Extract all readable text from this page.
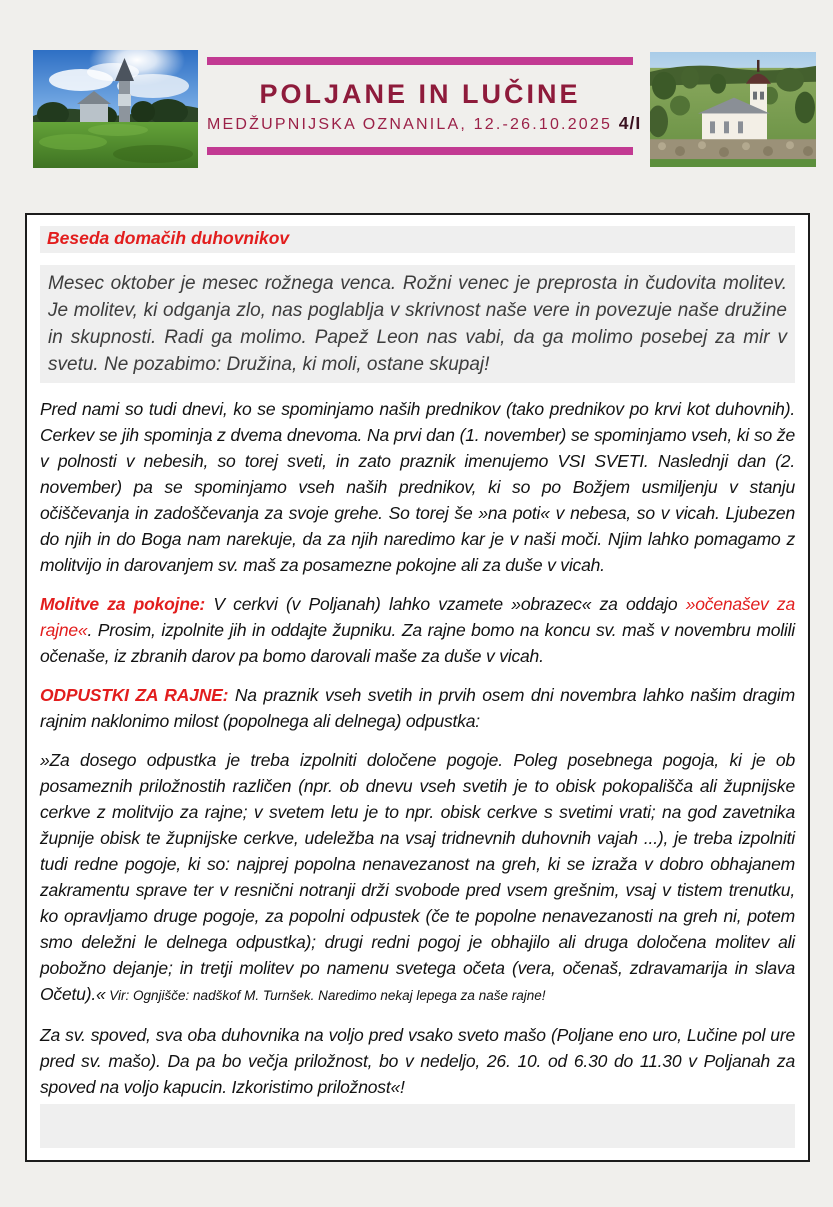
POLJANE IN LUČINE
MEDŽUPNIJSKA OZNANILA, 12.-26.10.2025 4/I
Beseda domačih duhovnikov

Mesec oktober je mesec rožnega venca. Rožni venec je preprosta in čudovita molitev. Je molitev, ki odganja zlo, nas poglablja v skrivnost naše vere in povezuje naše družine in skupnosti. Radi ga molimo. Papež Leon nas vabi, da ga molimo posebej za mir v svetu. Ne pozabimo: Družina, ki moli, ostane skupaj!

Pred nami so tudi dnevi, ko se spominjamo naših prednikov (tako prednikov po krvi kot duhovnih). Cerkev se jih spominja z dvema dnevoma. Na prvi dan (1. november) se spominjamo vseh, ki so že v polnosti v nebesih, so torej sveti, in zato praznik imenujemo VSI SVETI. Naslednji dan (2. november) pa se spominjamo vseh naših prednikov, ki so po Božjem usmiljenju v stanju očiščevanja in zadoščevanja za svoje grehe. So torej še »na poti« v nebesa, so v vicah. Ljubezen do njih in do Boga nam narekuje, da za njih naredimo kar je v naši moči. Njim lahko pomagamo z molitvijo in darovanjem sv. maš za posamezne pokojne ali za duše v vicah.

Molitve za pokojne: V cerkvi (v Poljanah) lahko vzamete »obrazec« za oddajo »očenašev za rajne«. Prosim, izpolnite jih in oddajte župniku. Za rajne bomo na koncu sv. maš v novembru molili očenaše, iz zbranih darov pa bomo darovali maše za duše v vicah.

ODPUSTKI ZA RAJNE: Na praznik vseh svetih in prvih osem dni novembra lahko našim dragim rajnim naklonimo milost (popolnega ali delnega) odpustka:

»Za dosego odpustka je treba izpolniti določene pogoje. Poleg posebnega pogoja, ki je ob posameznih priložnostih različen (npr. ob dnevu vseh svetih je to obisk pokopališča ali župnijske cerkve z molitvijo za rajne; v svetem letu je to npr. obisk cerkve s svetimi vrati; na god zavetnika župnije obisk te župnijske cerkve, udeležba na vsaj tridnevnih duhovnih vajah ...), je treba izpolniti tudi redne pogoje, ki so: najprej popolna nenavezanost na greh, ki se izraža v dobro obhajanem zakramentu sprave ter v resnični notranji drži svobode pred vsem grešnim, vsaj v tistem trenutku, ko opravljamo druge pogoje, za popolni odpustek (če te popolne nenavezanosti na greh ni, potem smo deležni le delnega odpustka); drugi redni pogoj je obhajilo ali druga določena molitev ali pobožno dejanje; in tretji molitev po namenu svetega očeta (vera, očenaš, zdravamarija in slava Očetu).« Vir: Ognjišče: nadškof M. Turnšek. Naredimo nekaj lepega za naše rajne!

Za sv. spoved, sva oba duhovnika na voljo pred vsako sveto mašo (Poljane eno uro, Lučine pol ure pred sv. mašo). Da pa bo večja priložnost, bo v nedeljo, 26. 10. od 6.30 do 11.30 v Poljanah za spoved na voljo kapucin. Izkoristimo priložnost«!
